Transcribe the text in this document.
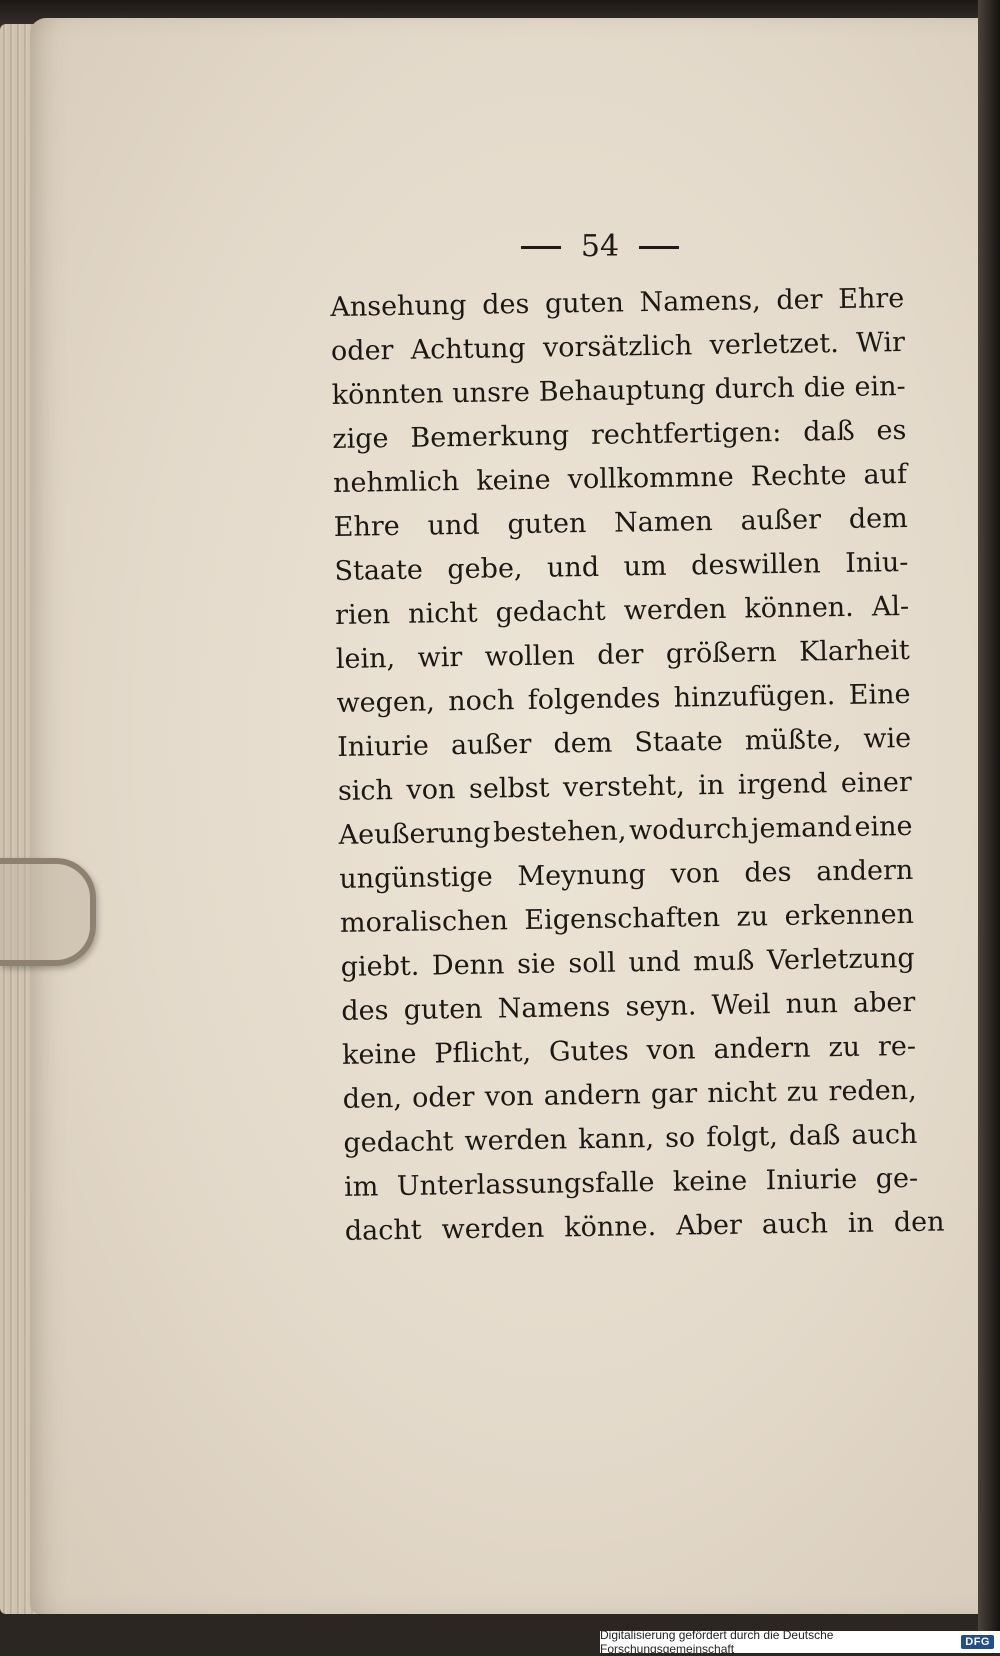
54
Ansehung des guten Namens, der Ehre
oder Achtung vorsätzlich verletzet. Wir
könnten unsre Behauptung durch die ein-
zige Bemerkung rechtfertigen: daß es
nehmlich keine vollkommne Rechte auf
Ehre und guten Namen außer dem
Staate gebe, und um deswillen Iniu-
rien nicht gedacht werden können. Al-
lein, wir wollen der größern Klarheit
wegen, noch folgendes hinzufügen. Eine
Iniurie außer dem Staate müßte, wie
sich von selbst versteht, in irgend einer
Aeußerung bestehen, wodurch jemand eine
ungünstige Meynung von des andern
moralischen Eigenschaften zu erkennen
giebt. Denn sie soll und muß Verletzung
des guten Namens seyn. Weil nun aber
keine Pflicht, Gutes von andern zu re-
den, oder von andern gar nicht zu reden,
gedacht werden kann, so folgt, daß auch
im Unterlassungsfalle keine Iniurie ge-
dacht werden könne. Aber auch in den
Digitalisierung gefördert durch die Deutsche Forschungsgemeinschaft	DFG
